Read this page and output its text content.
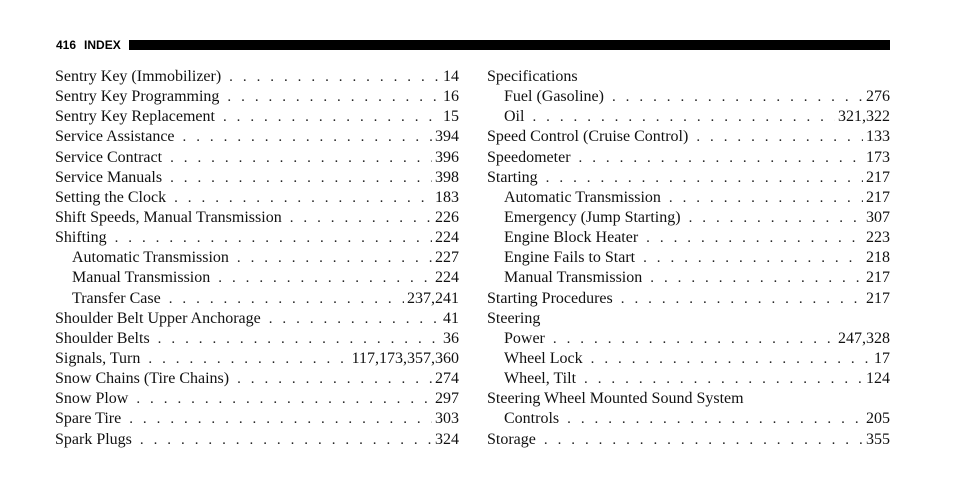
416 INDEX
Sentry Key (Immobilizer) . . .	14
Sentry Key Programming . . .	16
Sentry Key Replacement . . .	15
Service Assistance . . .	394
Service Contract . . .	396
Service Manuals . . .	398
Setting the Clock . . .	183
Shift Speeds, Manual Transmission . . .	226
Shifting . . .	224
Automatic Transmission . . .	227
Manual Transmission . . .	224
Transfer Case . . .	237,241
Shoulder Belt Upper Anchorage . . .	41
Shoulder Belts . . .	36
Signals, Turn . . .	117,173,357,360
Snow Chains (Tire Chains) . . .	274
Snow Plow . . .	297
Spare Tire . . .	303
Spark Plugs . . .	324
Specifications
Fuel (Gasoline) . . .	276
Oil . . .	321,322
Speed Control (Cruise Control) . . .	133
Speedometer . . .	173
Starting . . .	217
Automatic Transmission . . .	217
Emergency (Jump Starting) . . .	307
Engine Block Heater . . .	223
Engine Fails to Start . . .	218
Manual Transmission . . .	217
Starting Procedures . . .	217
Steering
Power . . .	247,328
Wheel Lock . . .	17
Wheel, Tilt . . .	124
Steering Wheel Mounted Sound System
Controls . . .	205
Storage . . .	355
